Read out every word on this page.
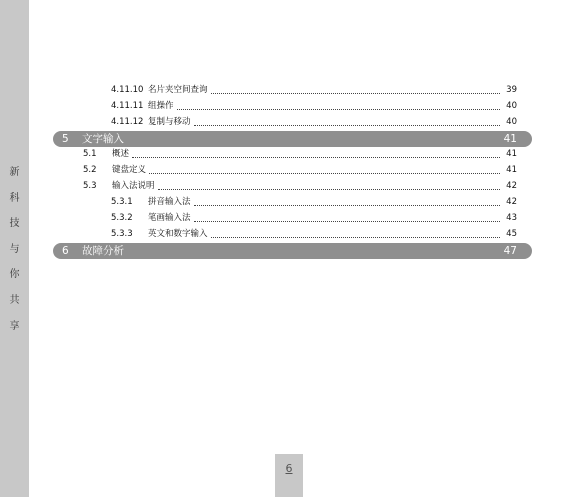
新
科
技
与
你
共
享
4.11.10 名片夹空间查询	39
4.11.11 组操作	40
4.11.12 复制与移动	40
5 文字输入	41
5.1	概述	41
5.2	键盘定义	41
5.3	输入法说明	42
5.3.1	拼音输入法	42
5.3.2	笔画输入法	43
5.3.3	英文和数字输入	45
6 故障分析	47
6
